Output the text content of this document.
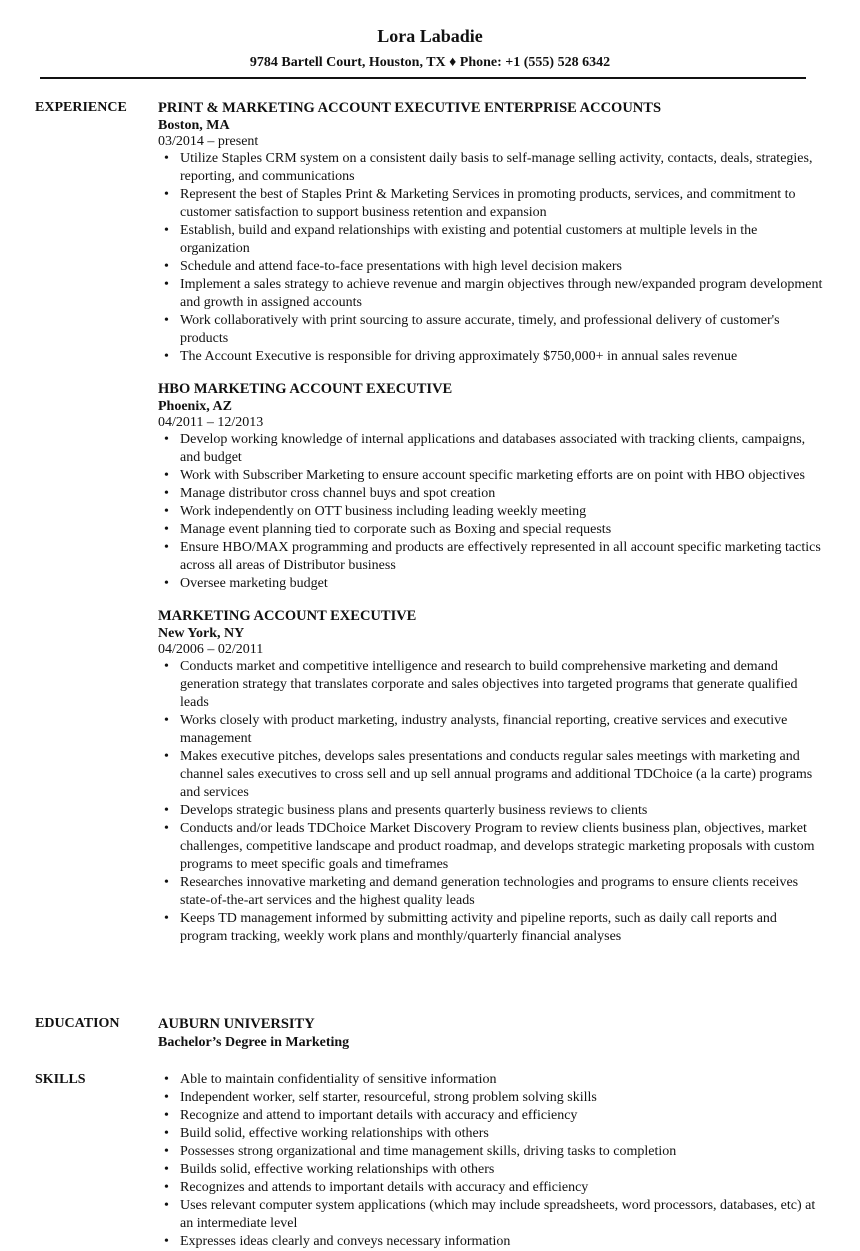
Lora Labadie
9784 Bartell Court, Houston, TX ♦ Phone: +1 (555) 528 6342
EXPERIENCE PRINT & MARKETING ACCOUNT EXECUTIVE ENTERPRISE ACCOUNTS
Boston, MA
03/2014 – present
• Utilize Staples CRM system on a consistent daily basis to self-manage selling activity, contacts, deals, strategies, reporting, and communications
• Represent the best of Staples Print & Marketing Services in promoting products, services, and commitment to customer satisfaction to support business retention and expansion
• Establish, build and expand relationships with existing and potential customers at multiple levels in the organization
• Schedule and attend face-to-face presentations with high level decision makers
• Implement a sales strategy to achieve revenue and margin objectives through new/expanded program development and growth in assigned accounts
• Work collaboratively with print sourcing to assure accurate, timely, and professional delivery of customer's products
• The Account Executive is responsible for driving approximately $750,000+ in annual sales revenue
HBO MARKETING ACCOUNT EXECUTIVE
Phoenix, AZ
04/2011 – 12/2013
• Develop working knowledge of internal applications and databases associated with tracking clients, campaigns, and budget
• Work with Subscriber Marketing to ensure account specific marketing efforts are on point with HBO objectives
• Manage distributor cross channel buys and spot creation
• Work independently on OTT business including leading weekly meeting
• Manage event planning tied to corporate such as Boxing and special requests
• Ensure HBO/MAX programming and products are effectively represented in all account specific marketing tactics across all areas of Distributor business
• Oversee marketing budget
MARKETING ACCOUNT EXECUTIVE
New York, NY
04/2006 – 02/2011
• Conducts market and competitive intelligence and research to build comprehensive marketing and demand generation strategy that translates corporate and sales objectives into targeted programs that generate qualified leads
• Works closely with product marketing, industry analysts, financial reporting, creative services and executive management
• Makes executive pitches, develops sales presentations and conducts regular sales meetings with marketing and channel sales executives to cross sell and up sell annual programs and additional TDChoice (a la carte) programs and services
• Develops strategic business plans and presents quarterly business reviews to clients
• Conducts and/or leads TDChoice Market Discovery Program to review clients business plan, objectives, market challenges, competitive landscape and product roadmap, and develops strategic marketing proposals with custom programs to meet specific goals and timeframes
• Researches innovative marketing and demand generation technologies and programs to ensure clients receives state-of-the-art services and the highest quality leads
• Keeps TD management informed by submitting activity and pipeline reports, such as daily call reports and program tracking, weekly work plans and monthly/quarterly financial analyses
EDUCATION	AUBURN UNIVERSITY
Bachelor’s Degree in Marketing
SKILLS
•	Able to maintain confidentiality of sensitive information
• Independent worker, self starter, resourceful, strong problem solving skills
• Recognize and attend to important details with accuracy and efficiency
• Build solid, effective working relationships with others
• Possesses strong organizational and time management skills, driving tasks to completion
• Builds solid, effective working relationships with others
• Recognizes and attends to important details with accuracy and efficiency
• Uses relevant computer system applications (which may include spreadsheets, word processors, databases, etc) at an intermediate level
• Expresses ideas clearly and conveys necessary information
